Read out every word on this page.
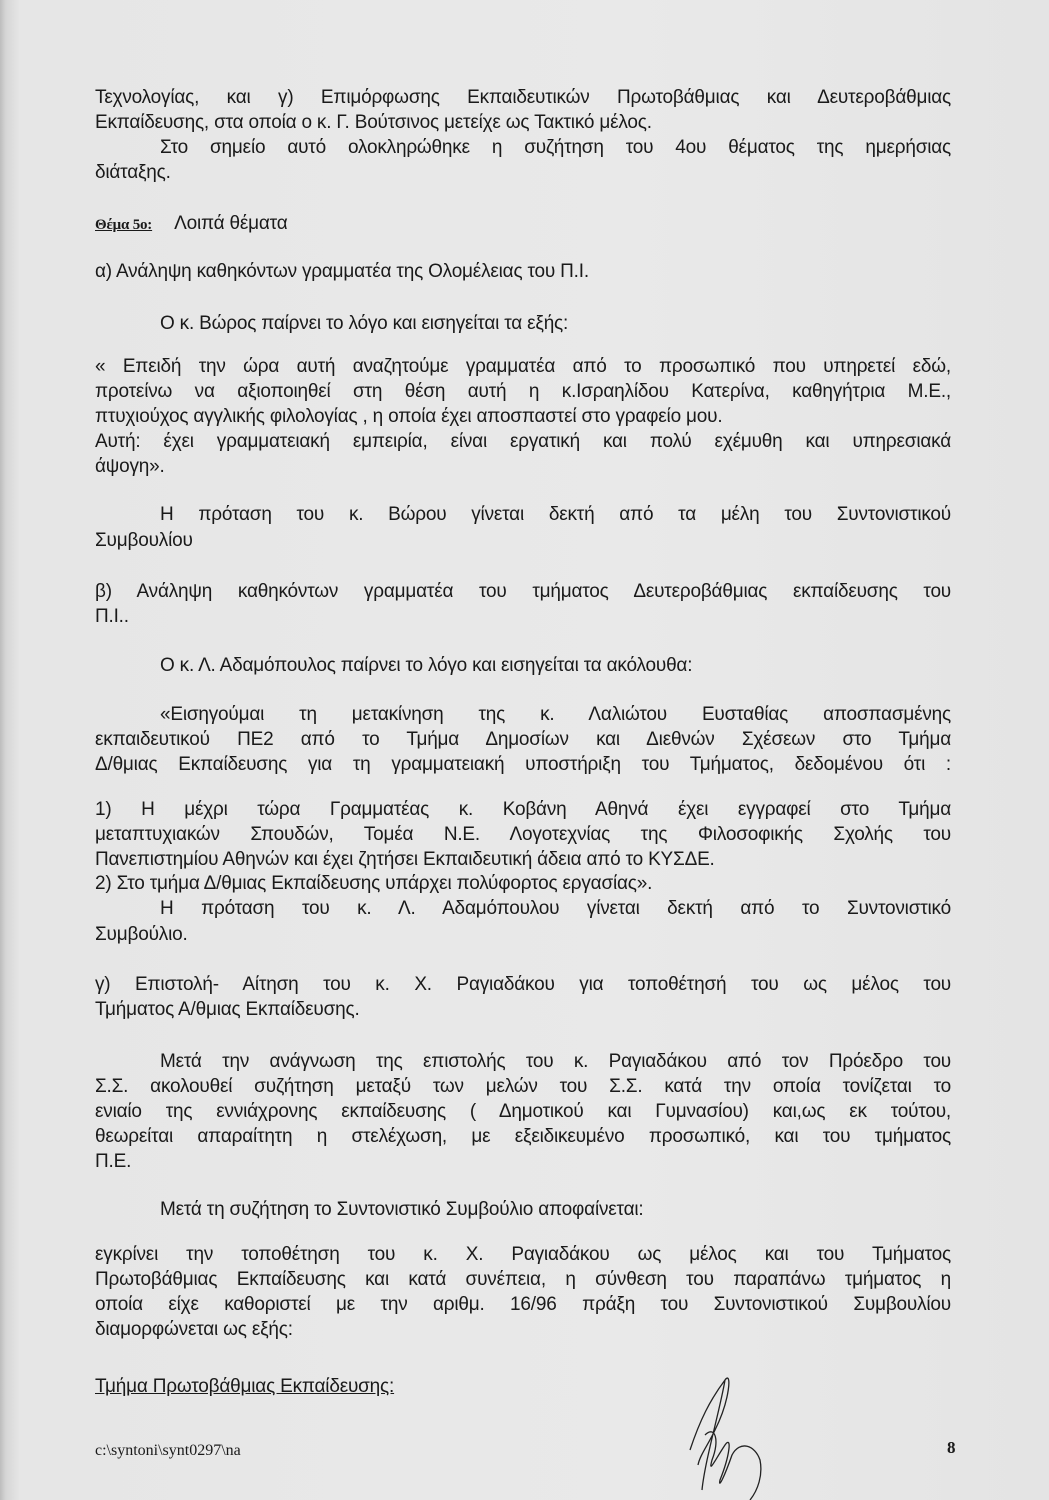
Τεχνολογίας, και γ) Επιμόρφωσης Εκπαιδευτικών Πρωτοβάθμιας και Δευτεροβάθμιας
Εκπαίδευσης, στα οποία ο κ. Γ. Βούτσινος μετείχε ως Τακτικό μέλος.
Στο σημείο αυτό ολοκληρώθηκε η συζήτηση του 4ου θέματος της ημερήσιας
διάταξης.
Θέμα 5ο: Λοιπά θέματα
α) Ανάληψη καθηκόντων γραμματέα της Ολομέλειας του Π.Ι.
Ο κ. Βώρος παίρνει το λόγο και εισηγείται τα εξής:
« Επειδή την ώρα αυτή αναζητούμε γραμματέα από το προσωπικό που υπηρετεί εδώ,
προτείνω να αξιοποιηθεί στη θέση αυτή η κ.Ισραηλίδου Κατερίνα, καθηγήτρια Μ.Ε.,
πτυχιούχος αγγλικής φιλολογίας , η οποία έχει αποσπαστεί στο γραφείο μου.
Αυτή: έχει γραμματειακή εμπειρία, είναι εργατική και πολύ εχέμυθη και υπηρεσιακά
άψογη».
Η πρόταση του κ. Βώρου γίνεται δεκτή από τα μέλη του Συντονιστικού
Συμβουλίου
β) Ανάληψη καθηκόντων γραμματέα του τμήματος Δευτεροβάθμιας εκπαίδευσης του
Π.Ι..
Ο κ. Λ. Αδαμόπουλος παίρνει το λόγο και εισηγείται τα ακόλουθα:
«Εισηγούμαι τη μετακίνηση της κ. Λαλιώτου Ευσταθίας αποσπασμένης
εκπαιδευτικού ΠΕ2 από το Τμήμα Δημοσίων και Διεθνών Σχέσεων στο Τμήμα
Δ/θμιας Εκπαίδευσης για τη γραμματειακή υποστήριξη του Τμήματος, δεδομένου ότι :
1) Η μέχρι τώρα Γραμματέας κ. Κοβάνη Αθηνά έχει εγγραφεί στο Τμήμα
μεταπτυχιακών Σπουδών, Τομέα Ν.Ε. Λογοτεχνίας της Φιλοσοφικής Σχολής του
Πανεπιστημίου Αθηνών και έχει ζητήσει Εκπαιδευτική άδεια από το ΚΥΣΔΕ.
2) Στο τμήμα Δ/θμιας Εκπαίδευσης υπάρχει πολύφορτος εργασίας».
Η πρόταση του κ. Λ. Αδαμόπουλου γίνεται δεκτή από το Συντονιστικό
Συμβούλιο.
γ) Επιστολή- Αίτηση του κ. Χ. Ραγιαδάκου για τοποθέτησή του ως μέλος του
Τμήματος Α/θμιας Εκπαίδευσης.
Μετά την ανάγνωση της επιστολής του κ. Ραγιαδάκου από τον Πρόεδρο του
Σ.Σ. ακολουθεί συζήτηση μεταξύ των μελών του Σ.Σ. κατά την οποία τονίζεται το
ενιαίο της εννιάχρονης εκπαίδευσης ( Δημοτικού και Γυμνασίου) και,ως εκ τούτου,
θεωρείται απαραίτητη η στελέχωση, με εξειδικευμένο προσωπικό, και του τμήματος
Π.Ε.
Μετά τη συζήτηση το Συντονιστικό Συμβούλιο αποφαίνεται:
εγκρίνει την τοποθέτηση του κ. Χ. Ραγιαδάκου ως μέλος και του Τμήματος
Πρωτοβάθμιας Εκπαίδευσης και κατά συνέπεια, η σύνθεση του παραπάνω τμήματος η
οποία είχε καθοριστεί με την αριθμ. 16/96 πράξη του Συντονιστικού Συμβουλίου
διαμορφώνεται ως εξής:
Τμήμα Πρωτοβάθμιας Εκπαίδευσης:
c:\syntoni\synt0297\na	8
